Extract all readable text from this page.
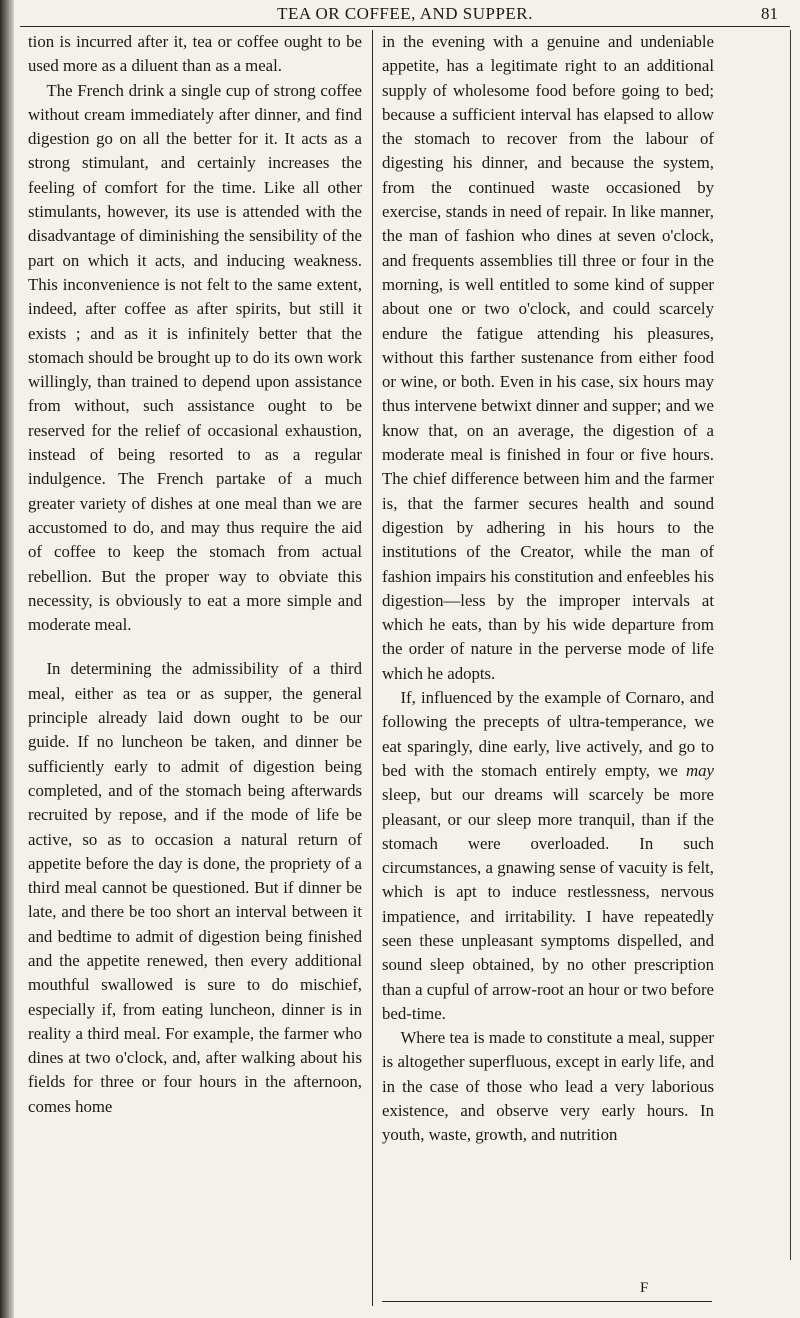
TEA OR COFFEE, AND SUPPER.	81

tion is incurred after it, tea or coffee ought to be used more as a diluent than as a meal.

The French drink a single cup of strong coffee without cream immediately after dinner, and find digestion go on all the better for it. It acts as a strong stimulant, and certainly increases the feeling of comfort for the time. Like all other stimulants, however, its use is attended with the disadvantage of diminishing the sensibility of the part on which it acts, and inducing weakness. This inconvenience is not felt to the same extent, indeed, after coffee as after spirits, but still it exists ; and as it is infinitely better that the stomach should be brought up to do its own work willingly, than trained to depend upon assistance from without, such assistance ought to be reserved for the relief of occasional exhaustion, instead of being resorted to as a regular indulgence. The French partake of a much greater variety of dishes at one meal than we are accustomed to do, and may thus require the aid of coffee to keep the stomach from actual rebellion. But the proper way to obviate this necessity, is obviously to eat a more simple and moderate meal.

In determining the admissibility of a third meal, either as tea or as supper, the general principle already laid down ought to be our guide. If no luncheon be taken, and dinner be sufficiently early to admit of digestion being completed, and of the stomach being afterwards recruited by repose, and if the mode of life be active, so as to occasion a natural return of appetite before the day is done, the propriety of a third meal cannot be questioned. But if dinner be late, and there be too short an interval between it and bedtime to admit of digestion being finished and the appetite renewed, then every additional mouthful swallowed is sure to do mischief, especially if, from eating luncheon, dinner is in reality a third meal. For example, the farmer who dines at two o'clock, and, after walking about his fields for three or four hours in the afternoon, comes home

in the evening with a genuine and undeniable appetite, has a legitimate right to an additional supply of wholesome food before going to bed; because a sufficient interval has elapsed to allow the stomach to recover from the labour of digesting his dinner, and because the system, from the continued waste occasioned by exercise, stands in need of repair. In like manner, the man of fashion who dines at seven o'clock, and frequents assemblies till three or four in the morning, is well entitled to some kind of supper about one or two o'clock, and could scarcely endure the fatigue attending his pleasures, without this farther sustenance from either food or wine, or both. Even in his case, six hours may thus intervene betwixt dinner and supper; and we know that, on an average, the digestion of a moderate meal is finished in four or five hours. The chief difference between him and the farmer is, that the farmer secures health and sound digestion by adhering in his hours to the institutions of the Creator, while the man of fashion impairs his constitution and enfeebles his digestion—less by the improper intervals at which he eats, than by his wide departure from the order of nature in the perverse mode of life which he adopts.

If, influenced by the example of Cornaro, and following the precepts of ultra-temperance, we eat sparingly, dine early, live actively, and go to bed with the stomach entirely empty, we may sleep, but our dreams will scarcely be more pleasant, or our sleep more tranquil, than if the stomach were overloaded. In such circumstances, a gnawing sense of vacuity is felt, which is apt to induce restlessness, nervous impatience, and irritability. I have repeatedly seen these unpleasant symptoms dispelled, and sound sleep obtained, by no other prescription than a cupful of arrow-root an hour or two before bed-time.

Where tea is made to constitute a meal, supper is altogether superfluous, except in early life, and in the case of those who lead a very laborious existence, and observe very early hours. In youth, waste, growth, and nutrition

F
